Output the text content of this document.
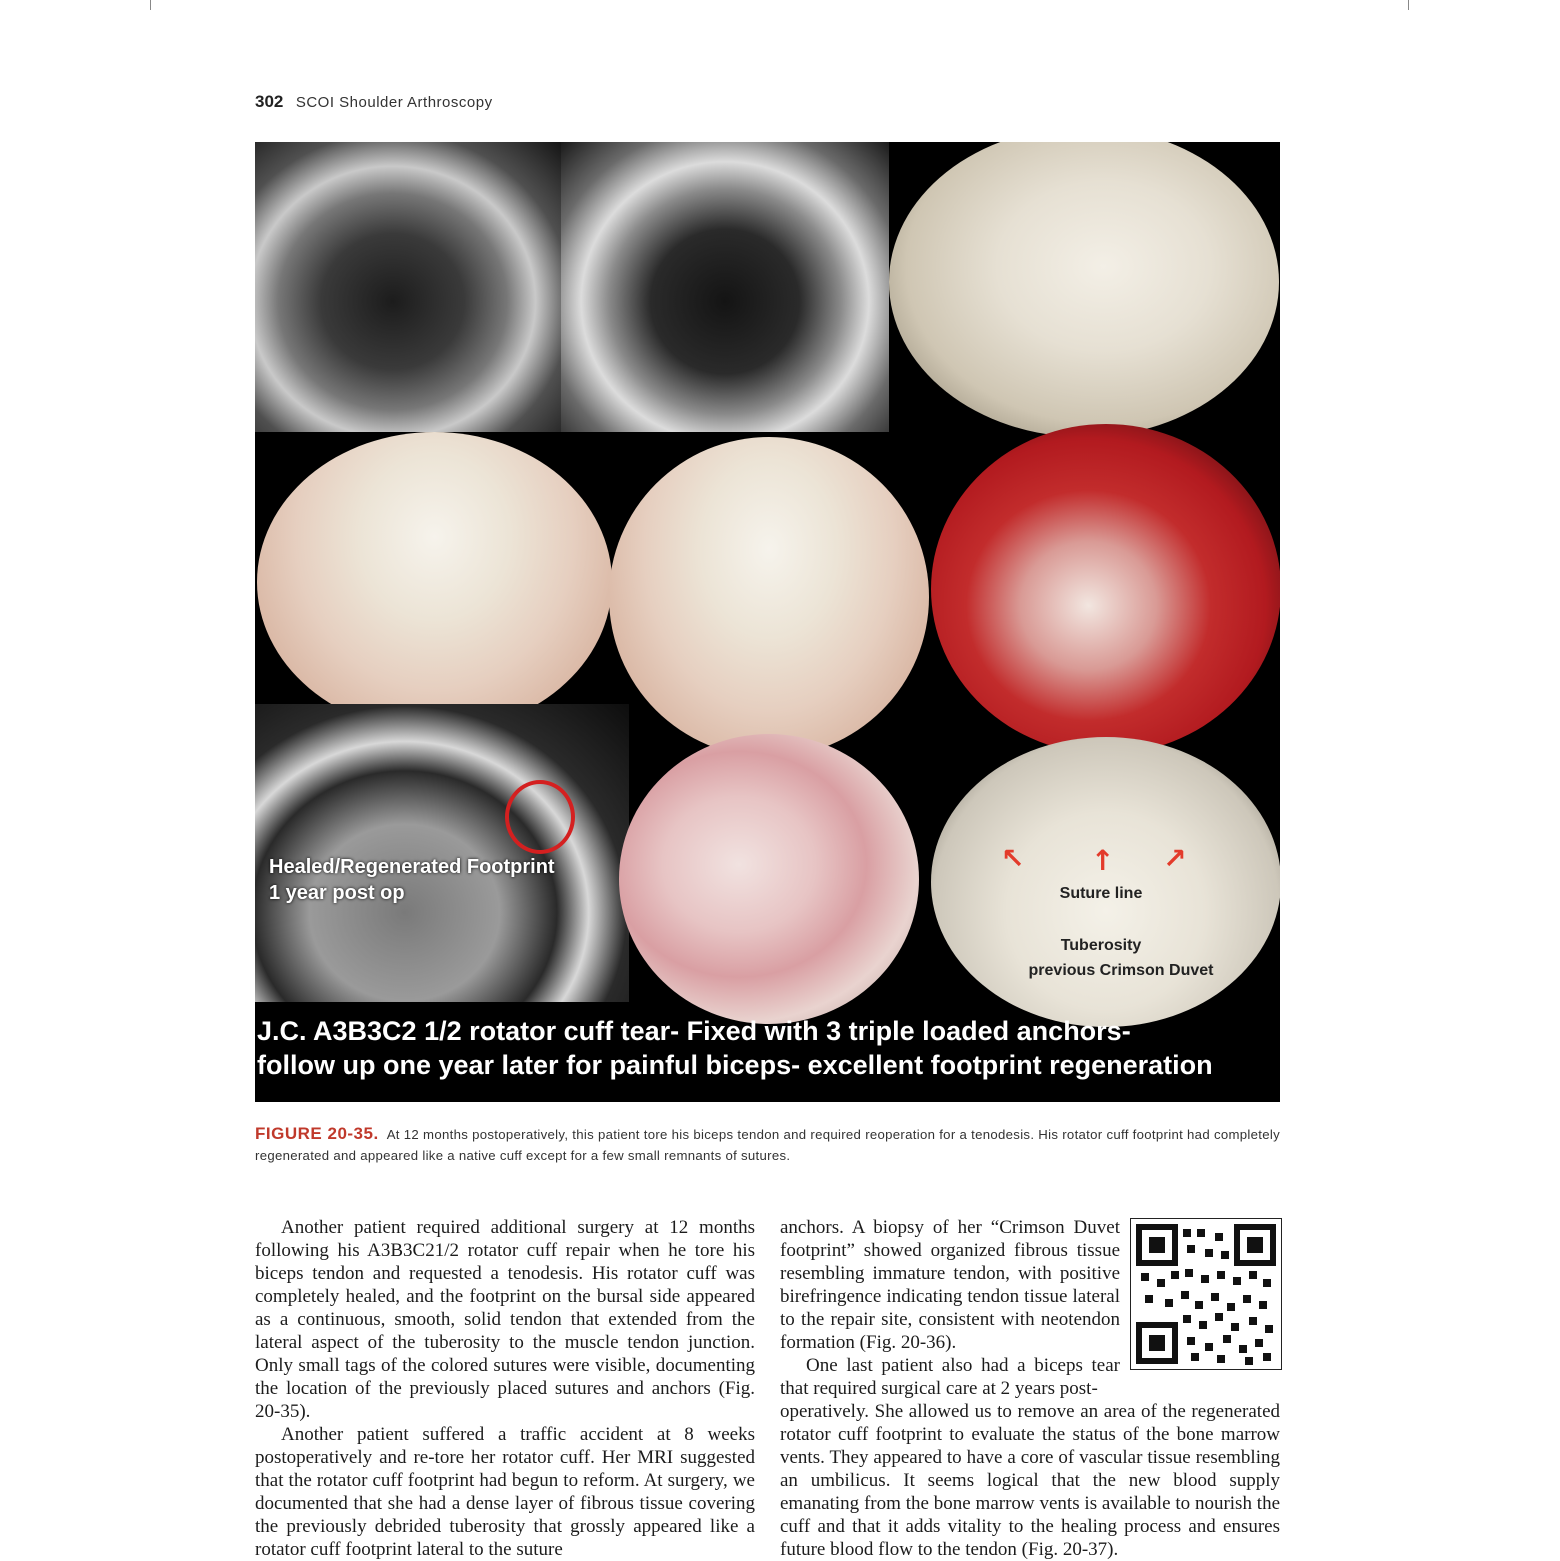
302 SCOI Shoulder Arthroscopy
Healed/Regenerated Footprint
1 year post op
↖ ↑ ↗
Suture line
Tuberosity
previous Crimson Duvet
J.C. A3B3C2 1/2 rotator cuff tear- Fixed with 3 triple loaded anchors-
follow up one year later for painful biceps- excellent footprint regeneration
FIGURE 20-35. At 12 months postoperatively, this patient tore his biceps tendon and required reoperation for a tenodesis. His rotator cuff footprint had completely regenerated and appeared like a native cuff except for a few small remnants of sutures.

Another patient required additional surgery at 12 months following his A3B3C21/2 rotator cuff repair when he tore his biceps tendon and requested a tenodesis. His rotator cuff was completely healed, and the footprint on the bursal side appeared as a continuous, smooth, solid tendon that extended from the lateral aspect of the tuberosity to the muscle tendon junction. Only small tags of the colored sutures were visible, documenting the location of the previously placed sutures and anchors (Fig. 20-35).

Another patient suffered a traffic accident at 8 weeks postoperatively and re-tore her rotator cuff. Her MRI suggested that the rotator cuff footprint had begun to reform. At surgery, we documented that she had a dense layer of fibrous tissue covering the previously debrided tuberosity that grossly appeared like a rotator cuff footprint lateral to the suture

anchors. A biopsy of her “Crimson Duvet footprint” showed organized fibrous tissue resembling immature tendon, with positive birefringence indicating tendon tissue lateral to the repair site, consistent with neotendon formation (Fig. 20-36).

One last patient also had a biceps tear that required surgical care at 2 years post-

operatively. She allowed us to remove an area of the regenerated rotator cuff footprint to evaluate the status of the bone marrow vents. They appeared to have a core of vascular tissue resembling an umbilicus. It seems logical that the new blood supply emanating from the bone marrow vents is available to nourish the cuff and that it adds vitality to the healing process and ensures future blood flow to the tendon (Fig. 20-37).
